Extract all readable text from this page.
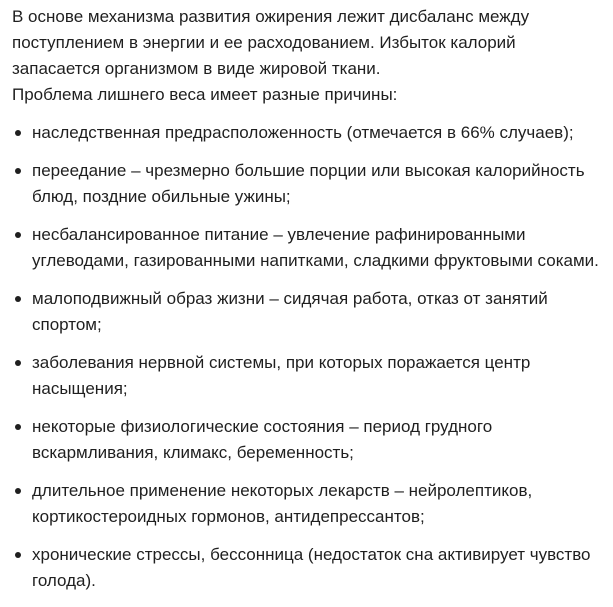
В основе механизма развития ожирения лежит дисбаланс между
поступлением в энергии и ее расходованием. Избыток калорий
запасается организмом в виде жировой ткани.

Проблема лишнего веса имеет разные причины:

наследственная предрасположенность (отмечается в 66% случаев);
переедание – чрезмерно большие порции или высокая калорийность
блюд, поздние обильные ужины;
несбалансированное питание – увлечение рафинированными
углеводами, газированными напитками, сладкими фруктовыми соками.
малоподвижный образ жизни – сидячая работа, отказ от занятий
спортом;
заболевания нервной системы, при которых поражается центр
насыщения;
некоторые физиологические состояния – период грудного
вскармливания, климакс, беременность;
длительное применение некоторых лекарств – нейролептиков,
кортикостероидных гормонов, антидепрессантов;
хронические стрессы, бессонница (недостаток сна активирует чувство
голода).
